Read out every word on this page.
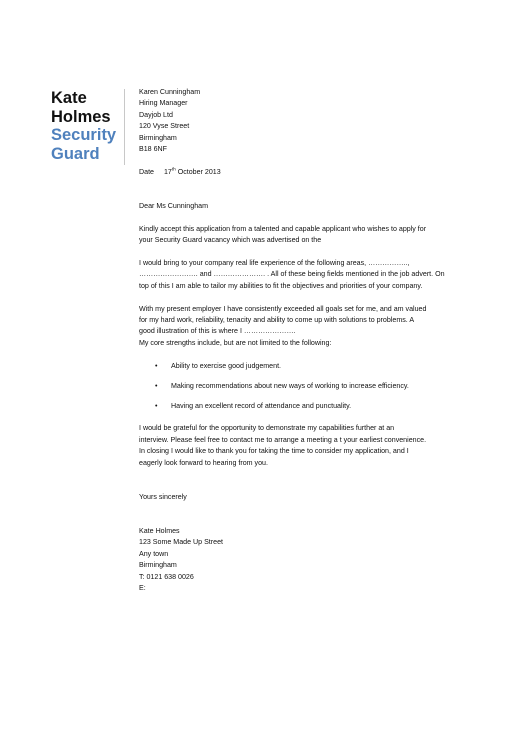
Kate
Holmes
Security
Guard

Karen Cunningham

Hiring Manager

Dayjob Ltd

120 Vyse Street

Birmingham

B18 6NF

Date 17th October 2013

Dear Ms Cunningham

Kindly accept this application from a talented and capable applicant who wishes to apply for

your Security Guard vacancy which was advertised on the

I would bring to your company real life experience of the following areas, ……………..,

……………………. and …………………. . All of these being fields mentioned in the job advert. On

top of this I am able to tailor my abilities to fit the objectives and priorities of your company.

With my present employer I have consistently exceeded all goals set for me, and am valued

for my hard work, reliability, tenacity and ability to come up with solutions to problems. A

good illustration of this is where I ………………….

My core strengths include, but are not limited to the following:

• Ability to exercise good judgement.
• Making recommendations about new ways of working to increase efficiency.
• Having an excellent record of attendance and punctuality.

I would be grateful for the opportunity to demonstrate my capabilities further at an

interview. Please feel free to contact me to arrange a meeting a t your earliest convenience.

In closing I would like to thank you for taking the time to consider my application, and I

eagerly look forward to hearing from you.

Yours sincerely

Kate Holmes

123 Some Made Up Street

Any town

Birmingham

T: 0121 638 0026

E:
